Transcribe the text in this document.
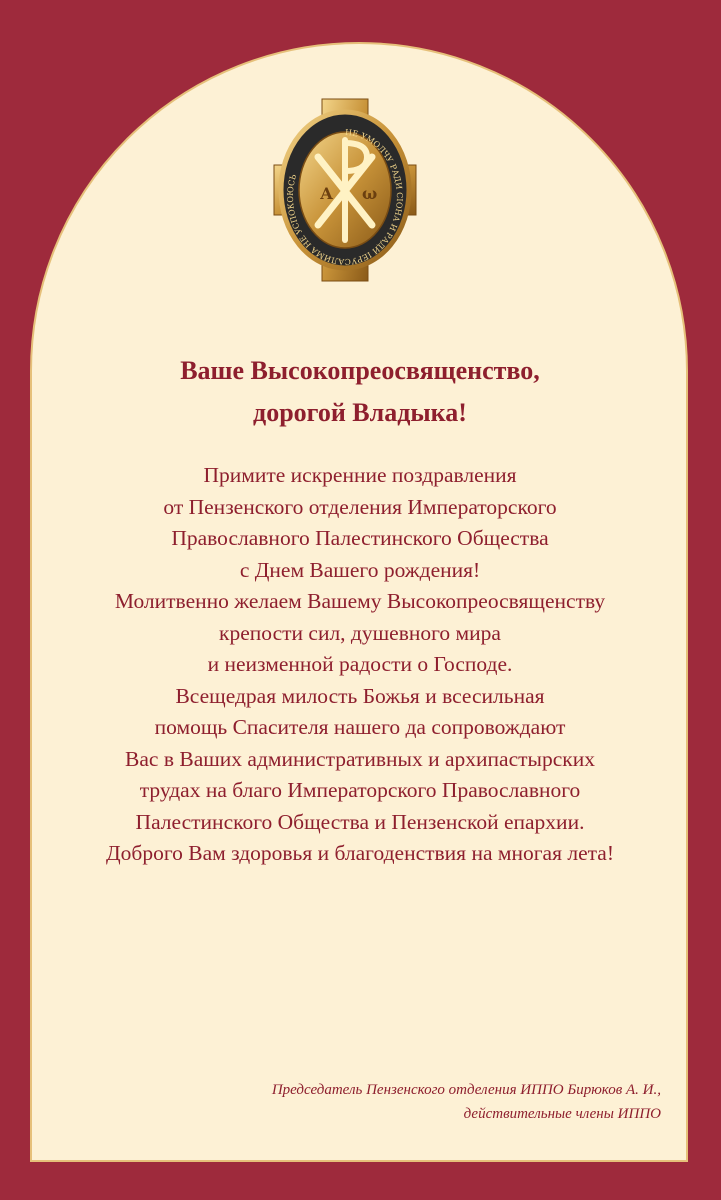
НЕ УМОЛЧУ РАДИ СIОНА И РАДИ IЕРУСАЛИМА НЕ УСПОКОЮСЬ
А ω
Ваше Высокопреосвященство,
дорогой Владыка!
Примите искренние поздравления
от Пензенского отделения Императорского
Православного Палестинского Общества
с Днем Вашего рождения!
Молитвенно желаем Вашему Высокопреосвященству
крепости сил, душевного мира
и неизменной радости о Господе.
Всещедрая милость Божья и всесильная
помощь Спасителя нашего да сопровождают
Вас в Ваших административных и архипастырских
трудах на благо Императорского Православного
Палестинского Общества и Пензенской епархии.
Доброго Вам здоровья и благоденствия на многая лета!
Председатель Пензенского отделения ИППО Бирюков А. И.,
действительные члены ИППО
